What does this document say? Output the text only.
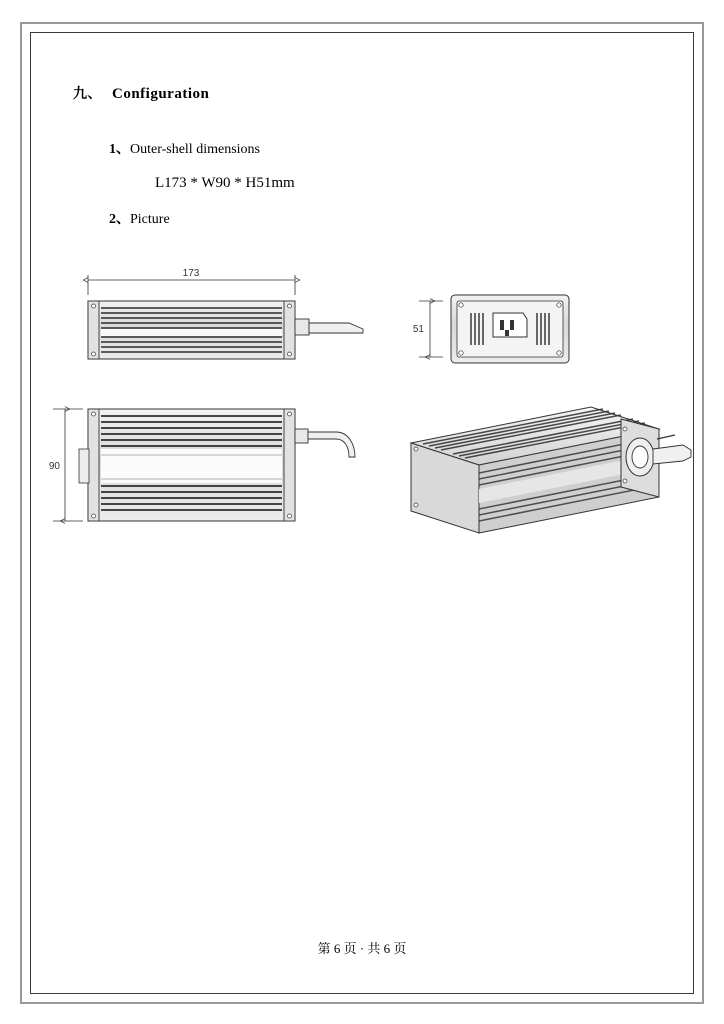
九、 Configuration
1、Outer-shell dimensions
L173 * W90 * H51mm
2、Picture
173
51
90
第 6 页 · 共 6 页
